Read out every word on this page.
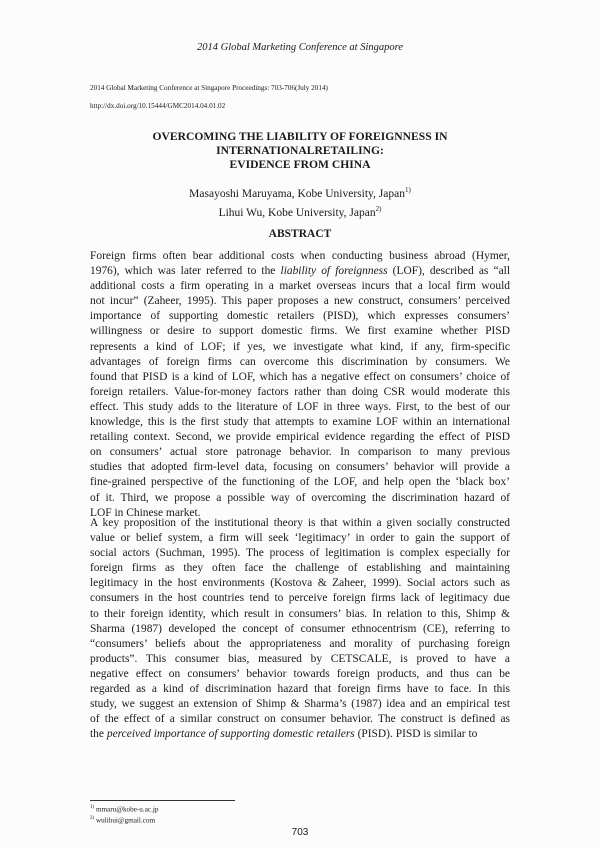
2014 Global Marketing Conference at Singapore
2014 Global Marketing Conference at Singapore Proceedings: 703-706(July 2014)
http://dx.doi.org/10.15444/GMC2014.04.01.02
OVERCOMING THE LIABILITY OF FOREIGNNESS IN
INTERNATIONALRETAILING:
EVIDENCE FROM CHINA
Masayoshi Maruyama, Kobe University, Japan$^{1)}$
Lihui Wu, Kobe University, Japan$^{2)}$
ABSTRACT
Foreign firms often bear additional costs when conducting business abroad (Hymer,
1976), which was later referred to the liability of foreignness (LOF), described as “all
additional costs a firm operating in a market overseas incurs that a local firm would
not incur” (Zaheer, 1995). This paper proposes a new construct, consumers’ perceived
importance of supporting domestic retailers (PISD), which expresses consumers’
willingness or desire to support domestic firms. We first examine whether PISD
represents a kind of LOF; if yes, we investigate what kind, if any, firm-specific
advantages of foreign firms can overcome this discrimination by consumers. We
found that PISD is a kind of LOF, which has a negative effect on consumers’ choice of
foreign retailers. Value-for-money factors rather than doing CSR would moderate this
effect. This study adds to the literature of LOF in three ways. First, to the best of our
knowledge, this is the first study that attempts to examine LOF within an international
retailing context. Second, we provide empirical evidence regarding the effect of PISD
on consumers’ actual store patronage behavior. In comparison to many previous
studies that adopted firm-level data, focusing on consumers’ behavior will provide a
fine-grained perspective of the functioning of the LOF, and help open the ‘black box’
of it. Third, we propose a possible way of overcoming the discrimination hazard of
LOF in Chinese market.
A key proposition of the institutional theory is that within a given socially constructed
value or belief system, a firm will seek ‘legitimacy’ in order to gain the support of
social actors (Suchman, 1995). The process of legitimation is complex especially for
foreign firms as they often face the challenge of establishing and maintaining
legitimacy in the host environments (Kostova & Zaheer, 1999). Social actors such as
consumers in the host countries tend to perceive foreign firms lack of legitimacy due
to their foreign identity, which result in consumers’ bias. In relation to this, Shimp &
Sharma (1987) developed the concept of consumer ethnocentrism (CE), referring to
“consumers’ beliefs about the appropriateness and morality of purchasing foreign
products”. This consumer bias, measured by CETSCALE, is proved to have a
negative effect on consumers’ behavior towards foreign products, and thus can be
regarded as a kind of discrimination hazard that foreign firms have to face. In this
study, we suggest an extension of Shimp & Sharma’s (1987) idea and an empirical test
of the effect of a similar construct on consumer behavior. The construct is defined as
the perceived importance of supporting domestic retailers (PISD). PISD is similar to
$^{1)}$ mmaru@kobe-u.ac.jp
$^{2)}$ wulihui@gmail.com
703
